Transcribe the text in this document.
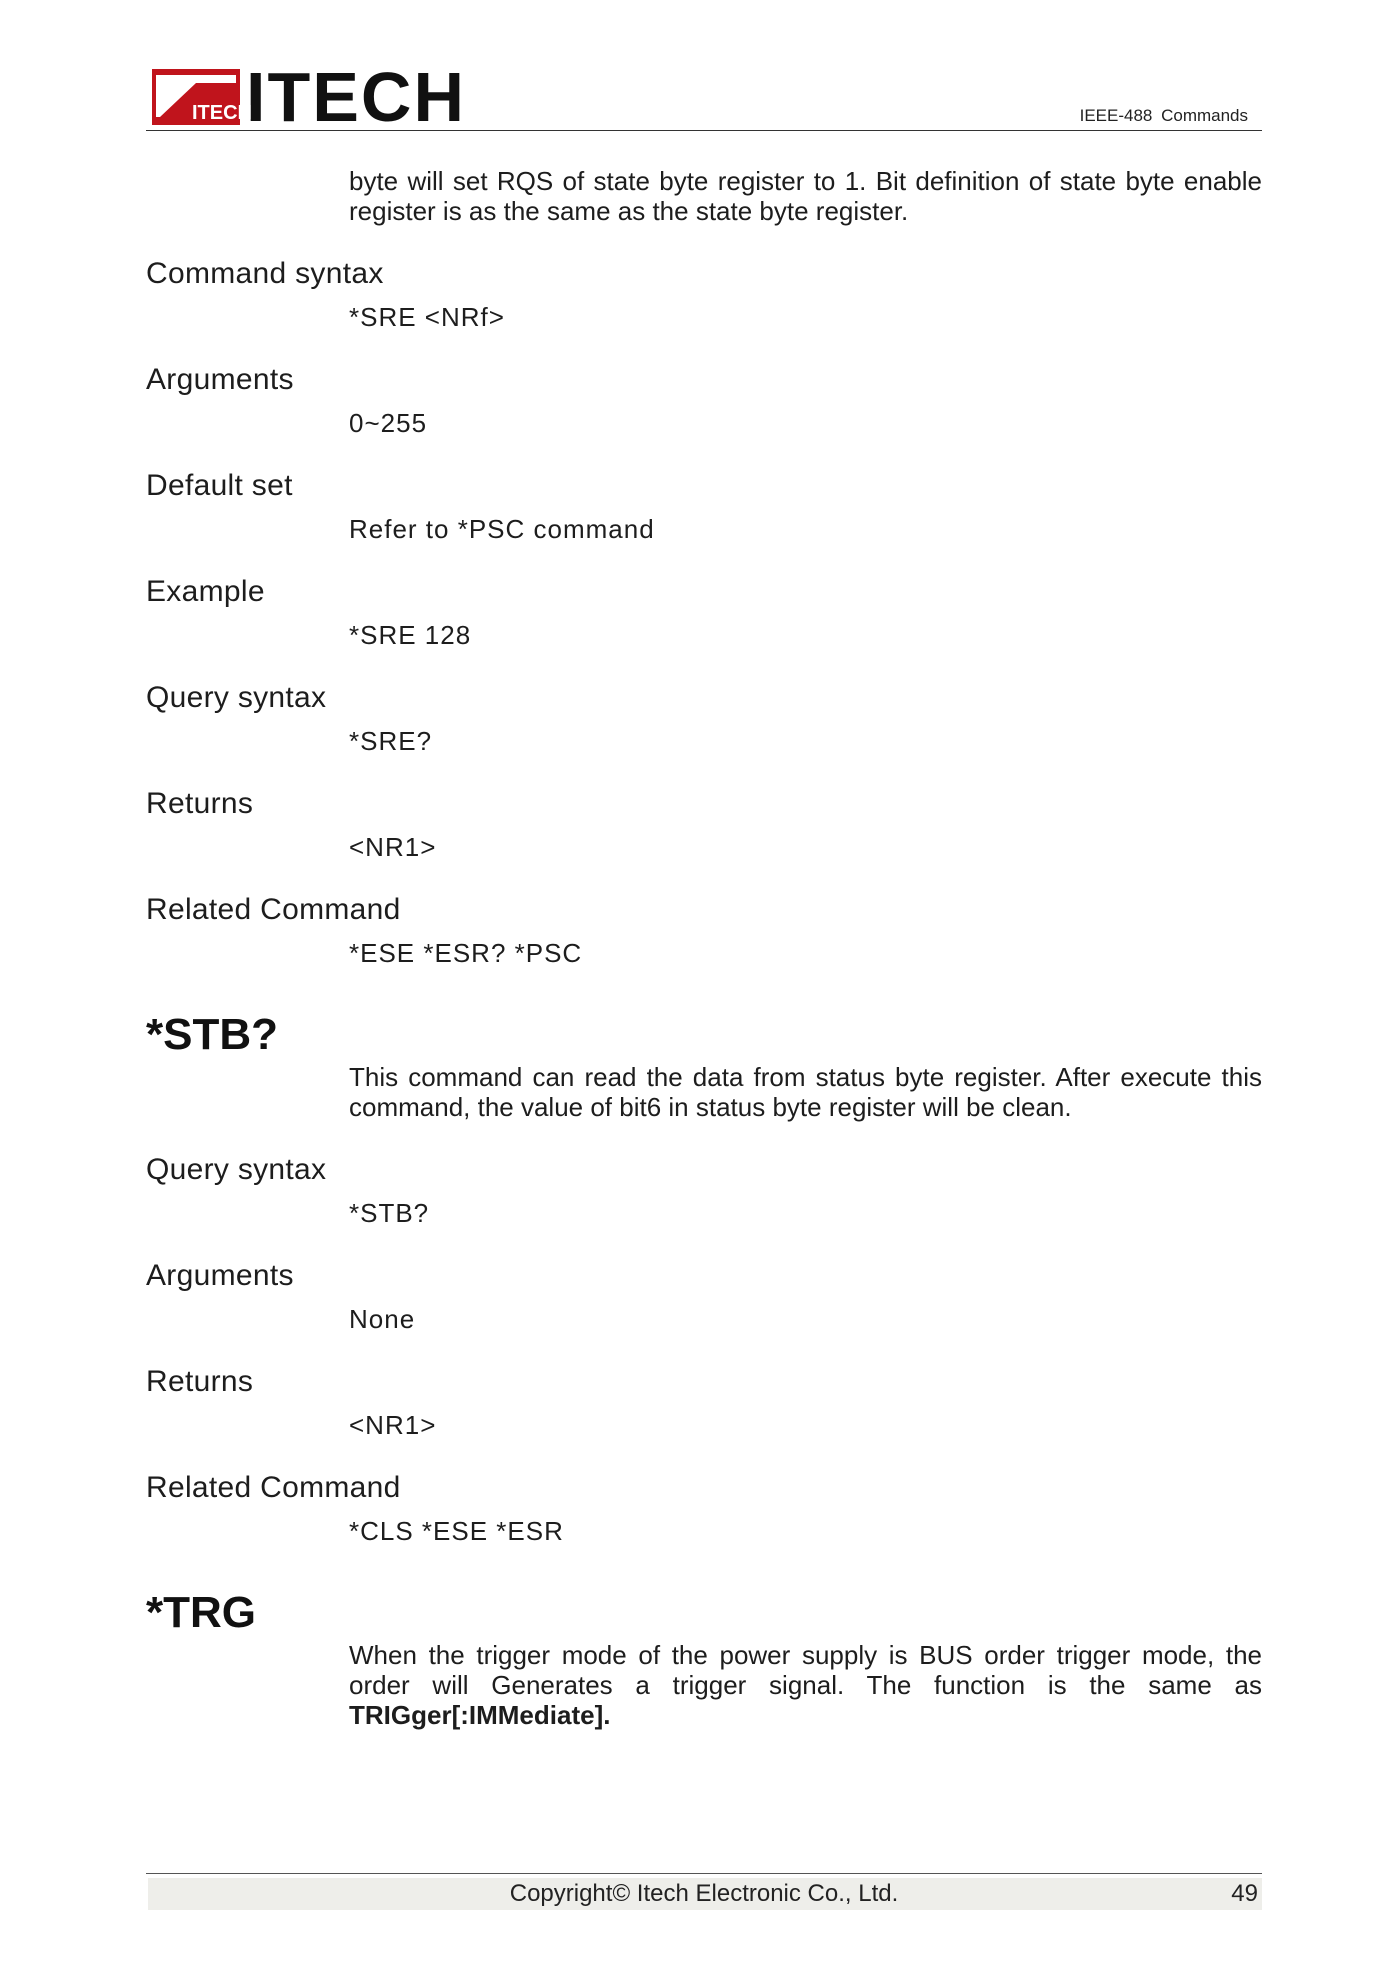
ITECH
ITECH	IEEE-488 Commands
byte will set RQS of state byte register to 1. Bit definition of state byte enable register is as the same as the state byte register.
Command syntax
*SRE <NRf>
Arguments
0~255
Default set
Refer to *PSC command
Example
*SRE 128
Query syntax
*SRE?
Returns
<NR1>
Related Command
*ESE *ESR? *PSC
*STB?
This command can read the data from status byte register. After execute this command, the value of bit6 in status byte register will be clean.
Query syntax
*STB?
Arguments
None
Returns
<NR1>
Related Command
*CLS *ESE *ESR
*TRG
When the trigger mode of the power supply is BUS order trigger mode, the order will Generates a trigger signal. The function is the same as TRIGger[:IMMediate].
Copyright© Itech Electronic Co., Ltd.	49
